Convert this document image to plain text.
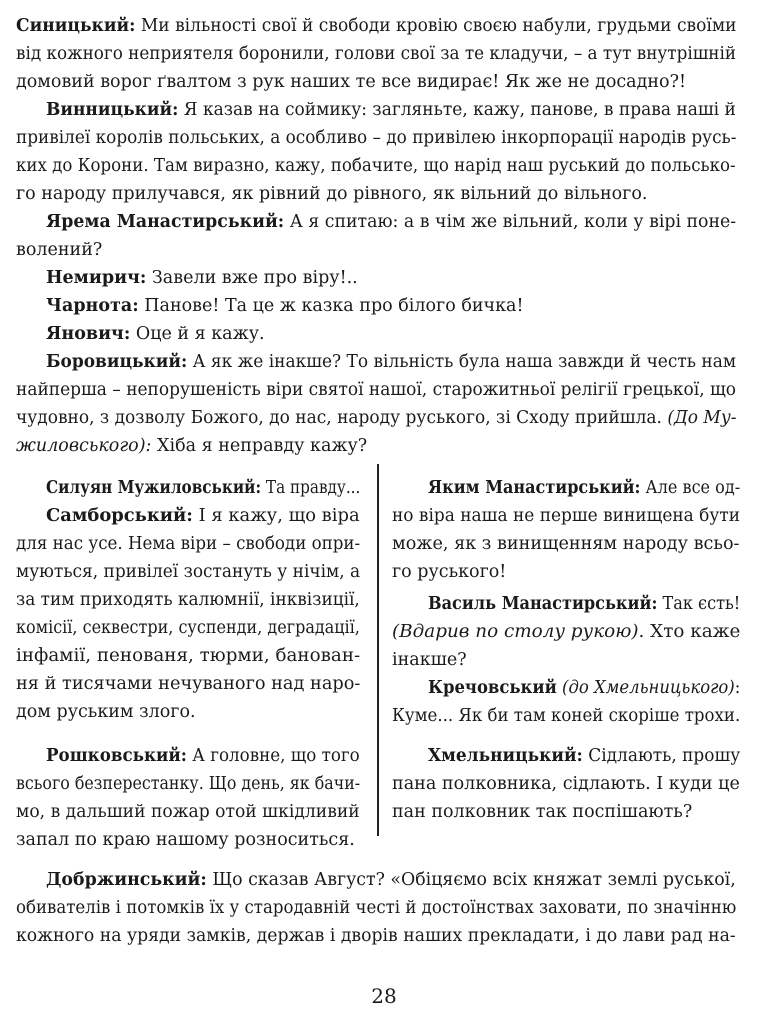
Синицький: Ми вільності свої й свободи кровію своєю набули, грудьми своїми
від кожного неприятеля боронили, голови свої за те кладучи, – а тут внутрішній
домовий ворог ґвалтом з рук наших те все видирає! Як же не досадно?!
Винницький: Я казав на соймику: загляньте, кажу, панове, в права наші й
привілеї королів польських, а особливо – до привілею інкорпорації народів русь-
ких до Корони. Там виразно, кажу, побачите, що нарід наш руський до польсько-
го народу прилучався, як рівний до рівного, як вільний до вільного.
Ярема Манастирський: А я спитаю: а в чім же вільний, коли у вірі поне-
волений?
Немирич: Завели вже про віру!..
Чарнота: Панове! Та це ж казка про білого бичка!
Янович: Оце й я кажу.
Боровицький: А як же інакше? То вільність була наша завжди й честь нам
найперша – непорушеність віри святої нашої, старожитньої релігії грецької, що
чудовно, з дозволу Божого, до нас, народу руського, зі Сходу прийшла. (До Му-
жиловського): Хіба я неправду кажу?
Силуян Мужиловський: Та правду...
Самборський: І я кажу, що віра
для нас усе. Нема віри – свободи опри-
муються, привілеї зостануть у нічім, а
за тим приходять калюмнії, інквізиції,
комісії, секвестри, суспенди, деградації,
інфамії, пенованя, тюрми, банован-
ня й тисячами нечуваного над наро-
дом руським злого.
Рошковський: А головне, що того
всього безперестанку. Що день, як бачи-
мо, в дальший пожар отой шкідливий
запал по краю нашому розноситься.
Яким Манастирський: Але все од-
но віра наша не перше винищена бути
може, як з винищенням народу всьо-
го руського!
Василь Манастирський: Так єсть!
(Вдарив по столу рукою). Хто каже
інакше?
Кречовський (до Хмельницького):
Куме... Як би там коней скоріше трохи.
Хмельницький: Сідлають, прошу
пана полковника, сідлають. І куди це
пан полковник так поспішають?
Добржинський: Що сказав Август? «Обіцяємо всіх княжат землі руської,
обивателів і потомків їх у стародавній честі й достоїнствах заховати, по значінню
кожного на уряди замків, держав і дворів наших прекладати, і до лави рад на-
28
